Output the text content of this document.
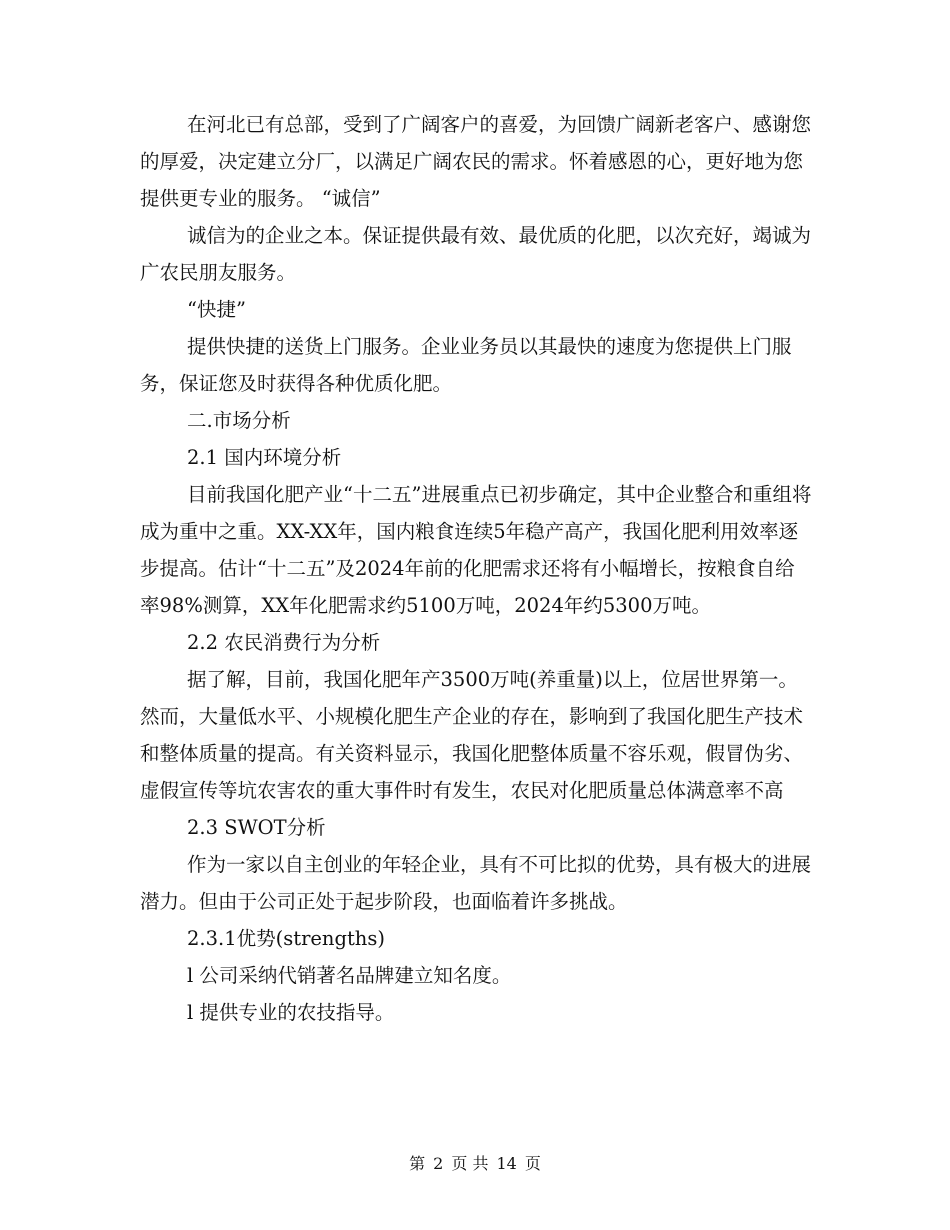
在河北已有总部，受到了广阔客户的喜爱，为回馈广阔新老客户、感谢您的厚爱，决定建立分厂，以满足广阔农民的需求。怀着感恩的心，更好地为您提供更专业的服务。 “诚信”

诚信为的企业之本。保证提供最有效、最优质的化肥，以次充好，竭诚为广农民朋友服务。

“快捷”

提供快捷的送货上门服务。企业业务员以其最快的速度为您提供上门服务，保证您及时获得各种优质化肥。

二.市场分析

2.1 国内环境分析

目前我国化肥产业“十二五”进展重点已初步确定，其中企业整合和重组将成为重中之重。XX-XX年，国内粮食连续5年稳产高产，我国化肥利用效率逐步提高。估计“十二五”及2024年前的化肥需求还将有小幅增长，按粮食自给率98%测算，XX年化肥需求约5100万吨，2024年约5300万吨。

2.2 农民消费行为分析

据了解，目前，我国化肥年产3500万吨(养重量)以上，位居世界第一。然而，大量低水平、小规模化肥生产企业的存在，影响到了我国化肥生产技术和整体质量的提高。有关资料显示，我国化肥整体质量不容乐观，假冒伪劣、虚假宣传等坑农害农的重大事件时有发生，农民对化肥质量总体满意率不高

2.3 SWOT分析

作为一家以自主创业的年轻企业，具有不可比拟的优势，具有极大的进展潜力。但由于公司正处于起步阶段，也面临着许多挑战。

2.3.1优势(strengths)

l 公司采纳代销著名品牌建立知名度。

l 提供专业的农技指导。

第 2 页 共 14 页
